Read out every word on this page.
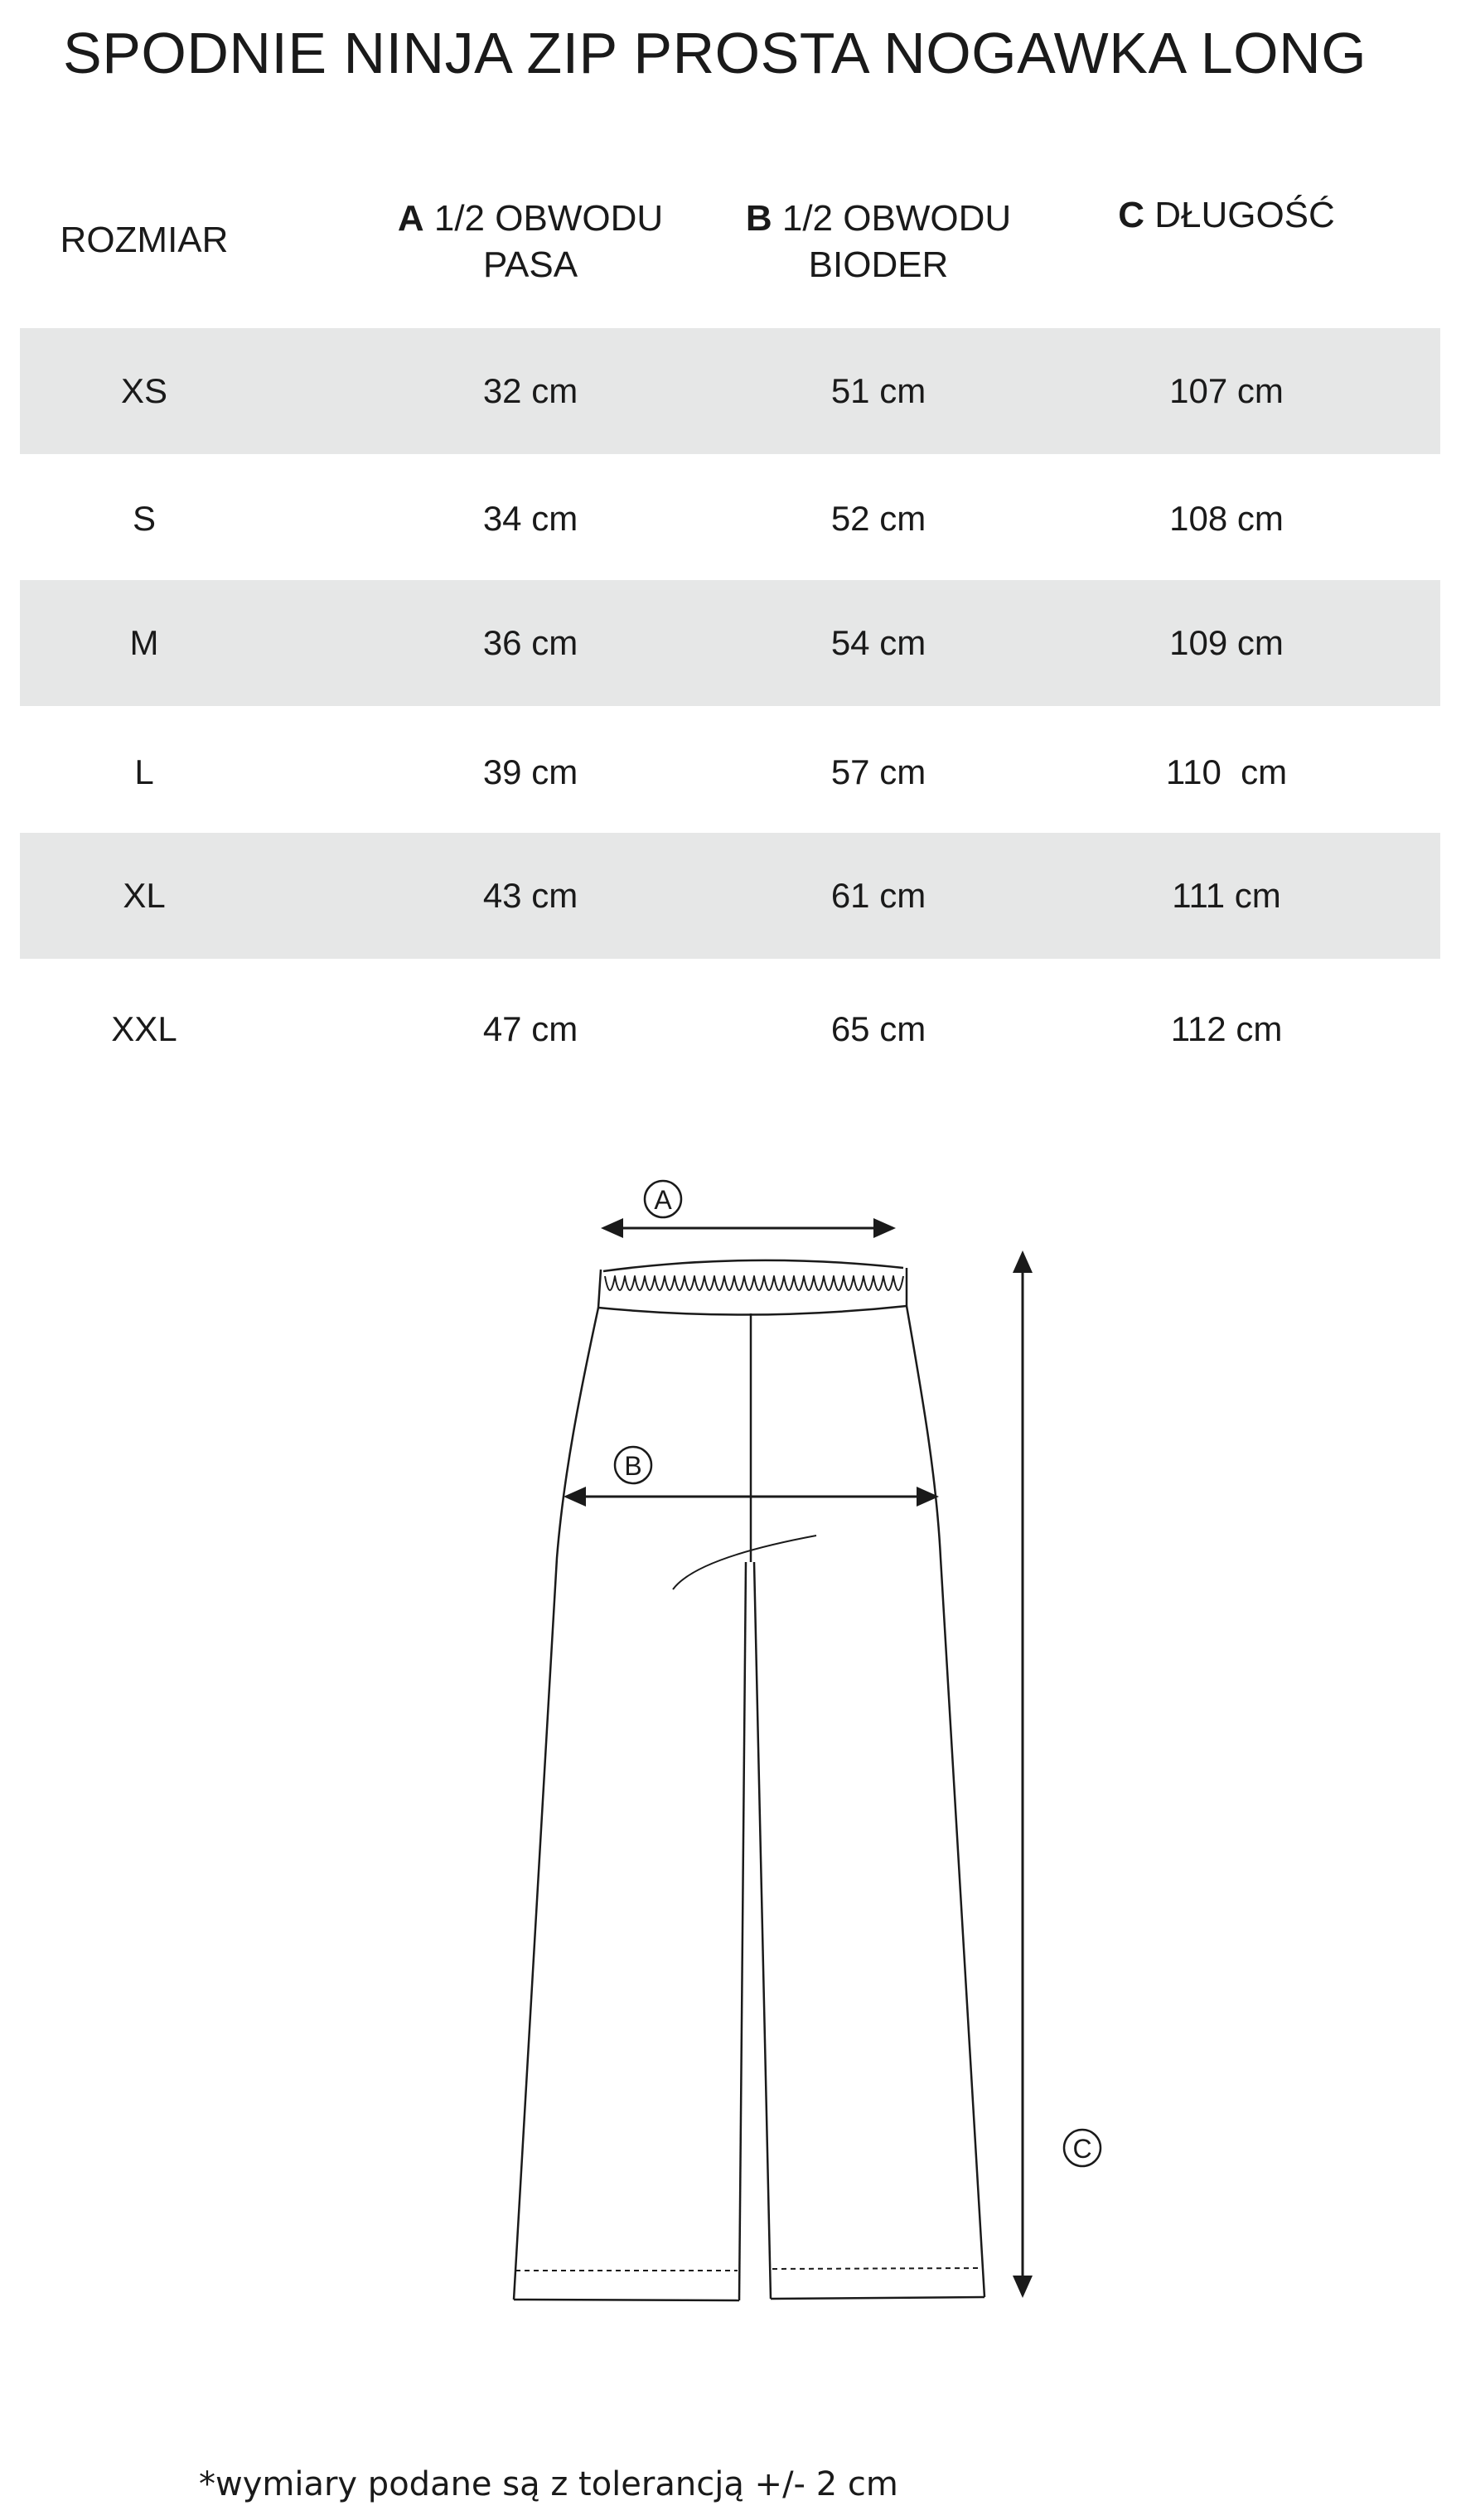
SPODNIE NINJA ZIP PROSTA NOGAWKA LONG
ROZMIAR
A 1/2 OBWODU
PASA
B 1/2 OBWODU
BIODER
C DŁUGOŚĆ
XS	32 cm	51 cm	107 cm
S	34 cm	52 cm	108 cm
M	36 cm	54 cm	109 cm
L	39 cm	57 cm	110  cm
XL	43 cm	61 cm	111 cm
XXL	47 cm	65 cm	112 cm
A
B
C
*wymiary podane są z tolerancją +/- 2 cm
